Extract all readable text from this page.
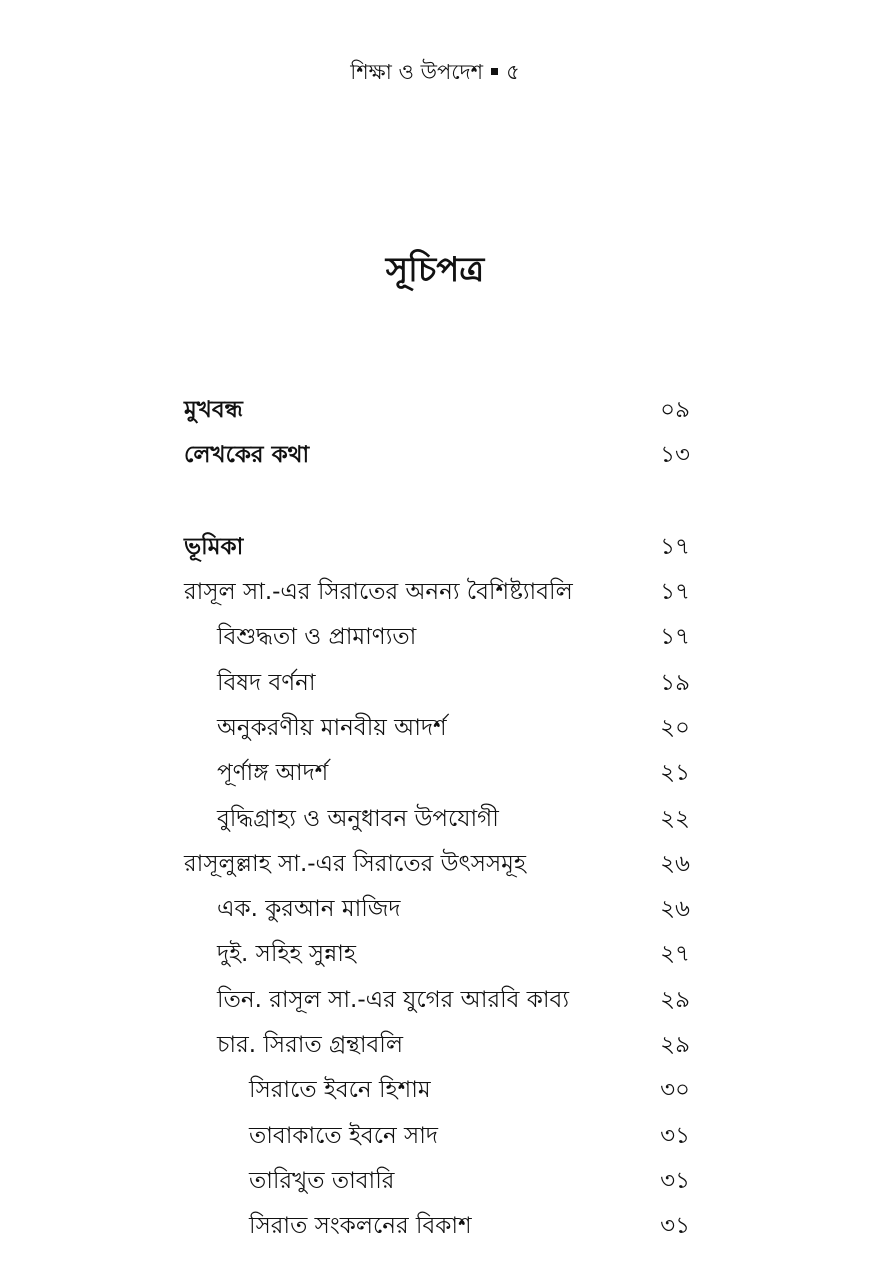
শিক্ষা ও উপদেশ ৫
সূচিপত্র
মুখবন্ধ	০৯
লেখকের কথা	১৩
ভূমিকা	১৭
রাসূল সা.-এর সিরাতের অনন্য বৈশিষ্ট্যাবলি	১৭
বিশুদ্ধতা ও প্রামাণ্যতা	১৭
বিষদ বর্ণনা	১৯
অনুকরণীয় মানবীয় আদর্শ	২০
পূর্ণাঙ্গ আদর্শ	২১
বুদ্ধিগ্রাহ্য ও অনুধাবন উপযোগী	২২
রাসূলুল্লাহ সা.-এর সিরাতের উৎসসমূহ	২৬
এক. কুরআন মাজিদ	২৬
দুই. সহিহ সুন্নাহ	২৭
তিন. রাসূল সা.-এর যুগের আরবি কাব্য	২৯
চার. সিরাত গ্রন্থাবলি	২৯
সিরাতে ইবনে হিশাম	৩০
তাবাকাতে ইবনে সাদ	৩১
তারিখুত তাবারি	৩১
সিরাত সংকলনের বিকাশ	৩১
